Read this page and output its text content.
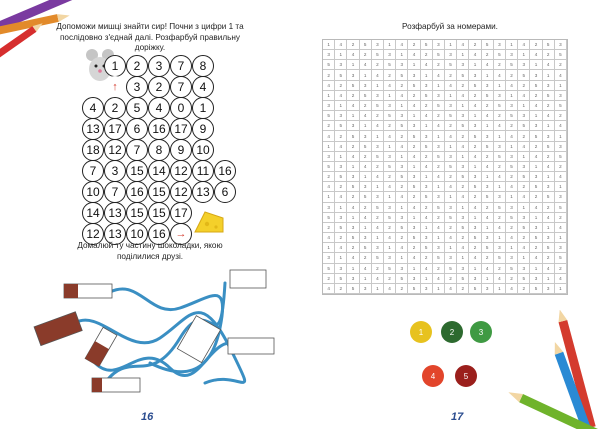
Допоможи мишці знайти сир! Почни з цифри 1 та послідовно з'єднай далі. Розфарбуй правильну доріжку.
1	2	3	7	8
↑	3	2	7	4
4	2	5	4	0	1
13 17 6 16 17 9
18 12 7	8	9 10
7	3 15 14 12 11 16
10 7 16 15 12 13 6
14 13 15 15 17
12 13 10 16 →
Домалюй ту частину шоколадки, якою поділилися друзі.
16
Розфарбуй за номерами.
1	4	2	5	3	1	4	2	5	3	1	4	2	5	3	1	4	2	5	3
3	1	4	2	5	3	1	4	2	5	3	1	4	2	5	3	1	4	2	5
5	3	1	4	2	5	3	1	4	2	5	3	1	4	2	5	3	1	4	2
2	5	3	1	4	2	5	3	1	4	2	5	3	1	4	2	5	3	1	4
4	2	5	3	1	4	2	5	3	1	4	2	5	3	1	4	2	5	3	1
1	4	2	5	3	1	4	2	5	3	1	4	2	5	3	1	4	2	5	3
3	1	4	2	5	3	1	4	2	5	3	1	4	2	5	3	1	4	2	5
5	3	1	4	2	5	3	1	4	2	5	3	1	4	2	5	3	1	4	2
2	5	3	1	4	2	5	3	1	4	2	5	3	1	4	2	5	3	1	4
4	2	5	3	1	4	2	5	3	1	4	2	5	3	1	4	2	5	3	1
1	4	2	5	3	1	4	2	5	3	1	4	2	5	3	1	4	2	5	3
3	1	4	2	5	3	1	4	2	5	3	1	4	2	5	3	1	4	2	5
5	3	1	4	2	5	3	1	4	2	5	3	1	4	2	5	3	1	4	2
2	5	3	1	4	2	5	3	1	4	2	5	3	1	4	2	5	3	1	4
4	2	5	3	1	4	2	5	3	1	4	2	5	3	1	4	2	5	3	1
1	4	2	5	3	1	4	2	5	3	1	4	2	5	3	1	4	2	5	3
3	1	4	2	5	3	1	4	2	5	3	1	4	2	5	3	1	4	2	5
5	3	1	4	2	5	3	1	4	2	5	3	1	4	2	5	3	1	4	2
2	5	3	1	4	2	5	3	1	4	2	5	3	1	4	2	5	3	1	4
4	2	5	3	1	4	2	5	3	1	4	2	5	3	1	4	2	5	3	1
1	4	2	5	3	1	4	2	5	3	1	4	2	5	3	1	4	2	5	3
3	1	4	2	5	3	1	4	2	5	3	1	4	2	5	3	1	4	2	5
5	3	1	4	2	5	3	1	4	2	5	3	1	4	2	5	3	1	4	2
2	5	3	1	4	2	5	3	1	4	2	5	3	1	4	2	5	3	1	4
4	2	5	3	1	4	2	5	3	1	4	2	5	3	1	4	2	5	3	1
1	2	3
4	5
17
